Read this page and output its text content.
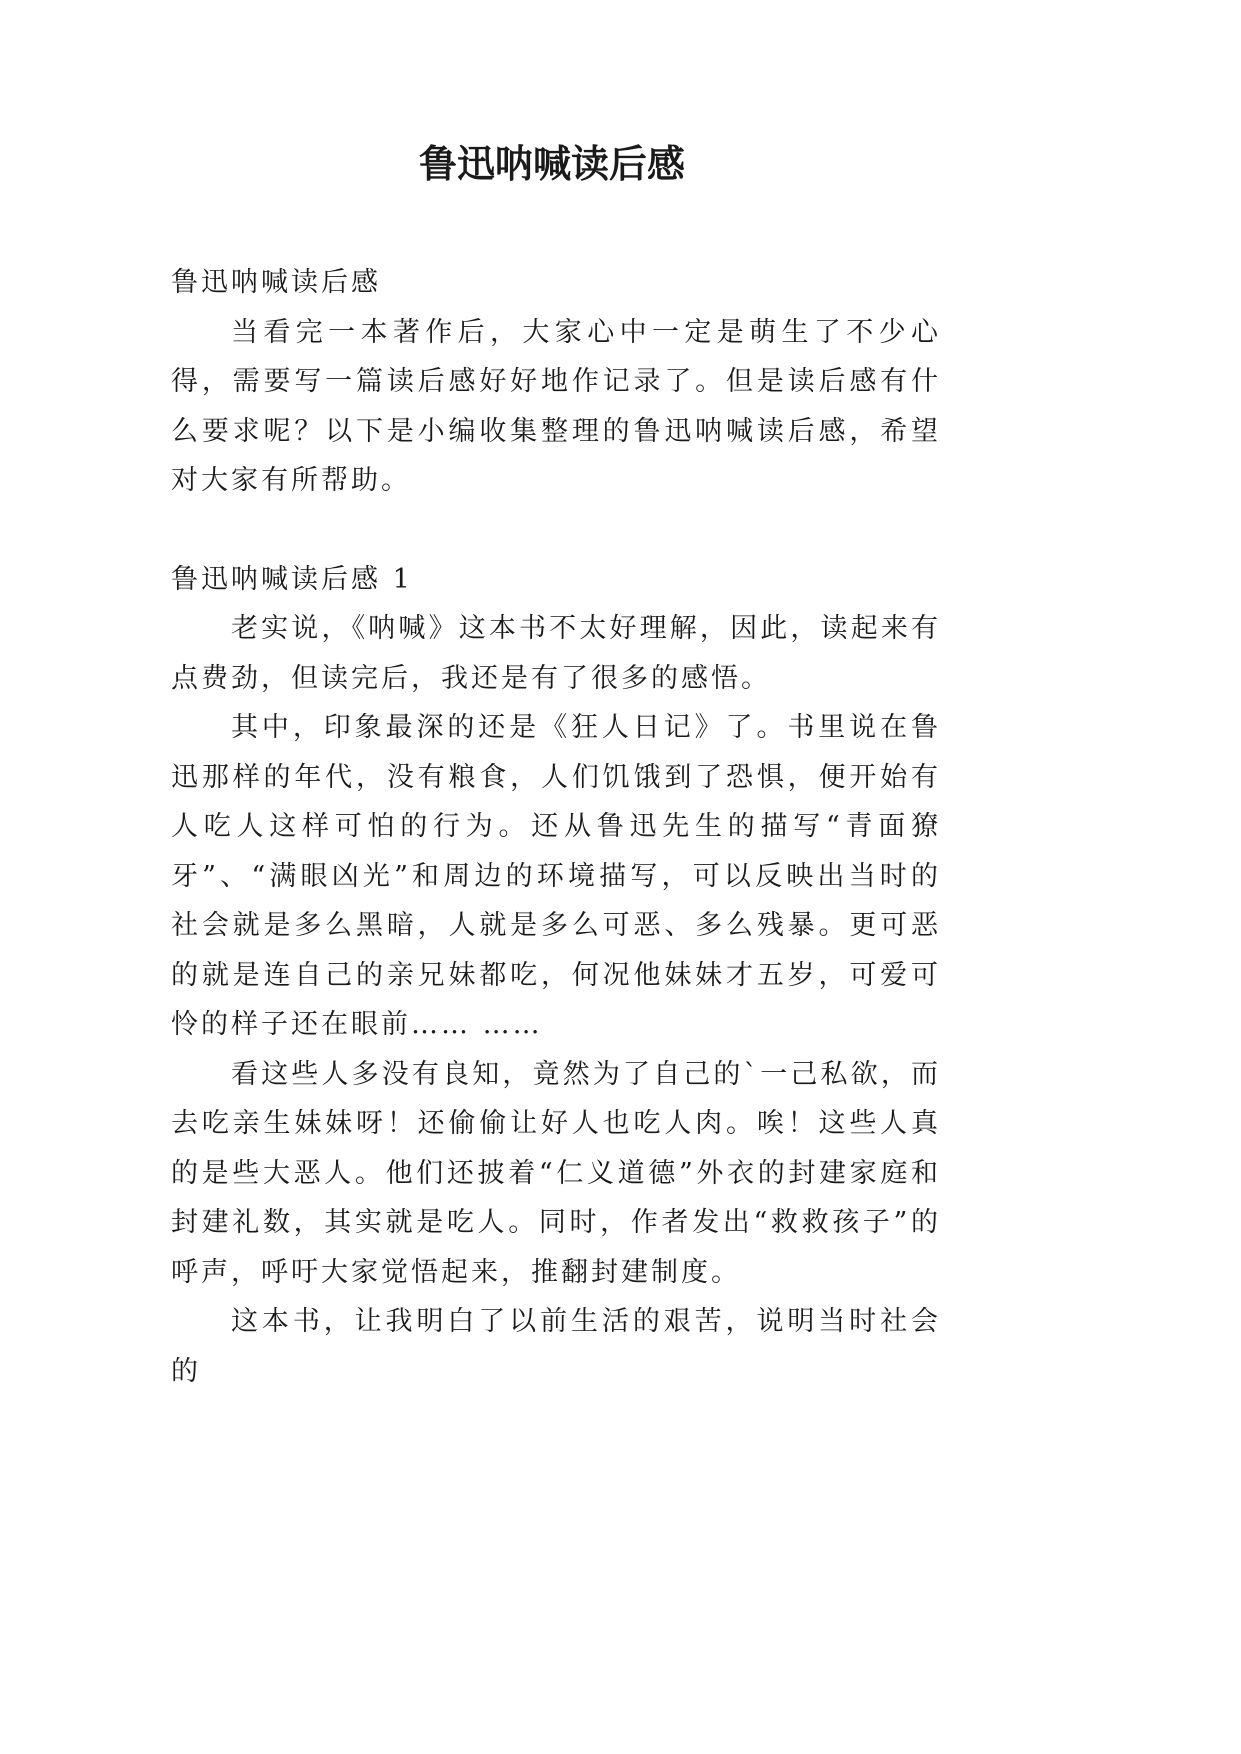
鲁迅呐喊读后感

鲁迅呐喊读后感

当看完一本著作后，大家心中一定是萌生了不少心得，需要写一篇读后感好好地作记录了。但是读后感有什么要求呢？以下是小编收集整理的鲁迅呐喊读后感，希望对大家有所帮助。

鲁迅呐喊读后感 1

老实说，《呐喊》这本书不太好理解，因此，读起来有点费劲，但读完后，我还是有了很多的感悟。

其中，印象最深的还是《狂人日记》了。书里说在鲁迅那样的年代，没有粮食，人们饥饿到了恐惧，便开始有人吃人这样可怕的行为。还从鲁迅先生的描写“青面獠牙”、“满眼凶光”和周边的环境描写，可以反映出当时的社会就是多么黑暗，人就是多么可恶、多么残暴。更可恶的就是连自己的亲兄妹都吃，何况他妹妹才五岁，可爱可怜的样子还在眼前…… ……

看这些人多没有良知，竟然为了自己的`一己私欲，而去吃亲生妹妹呀！还偷偷让好人也吃人肉。唉！这些人真的是些大恶人。他们还披着“仁义道德”外衣的封建家庭和封建礼数，其实就是吃人。同时，作者发出“救救孩子”的呼声，呼吁大家觉悟起来，推翻封建制度。

这本书，让我明白了以前生活的艰苦，说明当时社会的
